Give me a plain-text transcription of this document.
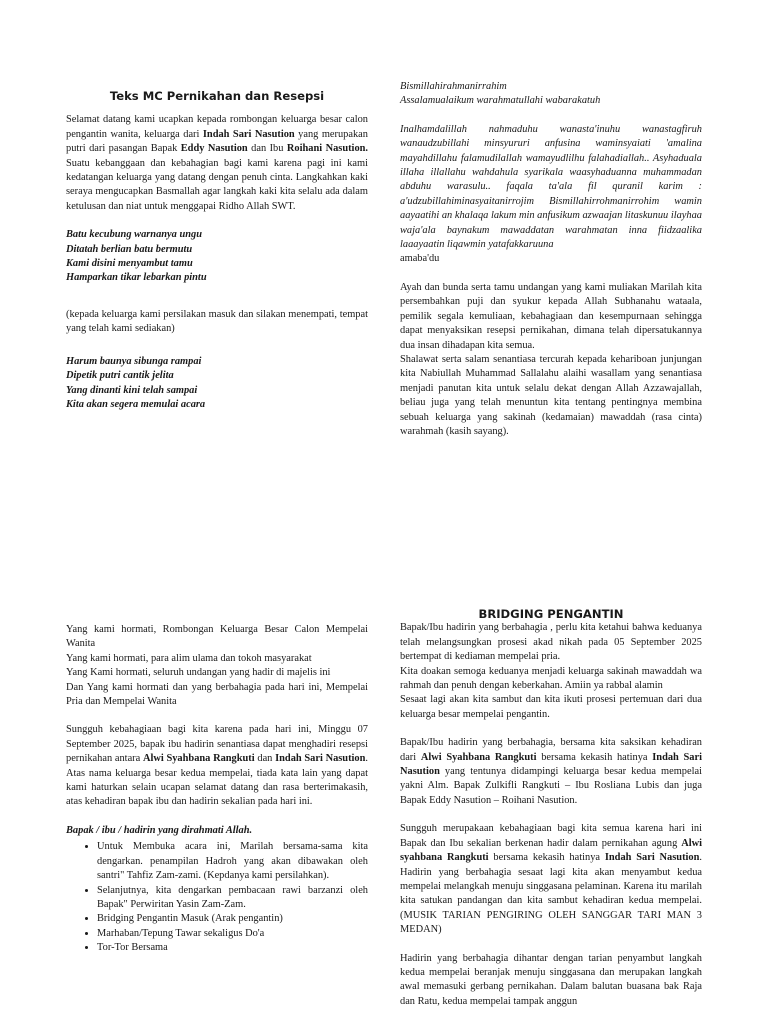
Teks MC Pernikahan dan Resepsi

Selamat datang kami ucapkan kepada rombongan keluarga besar calon pengantin wanita, keluarga dari Indah Sari Nasution yang merupakan putri dari pasangan Bapak Eddy Nasution dan Ibu Roihani Nasution. Suatu kebanggaan dan kebahagian bagi kami karena pagi ini kami kedatangan keluarga yang datang dengan penuh cinta. Langkahkan kaki seraya mengucapkan Basmallah agar langkah kaki kita selalu ada dalam ketulusan dan niat untuk menggapai Ridho Allah SWT.

Batu kecubung warnanya ungu

Ditatah berlian batu bermutu

Kami disini menyambut tamu

Hamparkan tikar lebarkan pintu

(kepada keluarga kami persilakan masuk dan silakan menempati, tempat yang telah kami sediakan)

Harum baunya sibunga rampai

Dipetik putri cantik jelita

Yang dinanti kini telah sampai

Kita akan segera memulai acara

Bismillahirahmanirrahim

Assalamualaikum warahmatullahi wabarakatuh

Inalhamdalillah nahmaduhu wanasta'inuhu wanastagfiruh wanaudzubillahi minsyururi anfusina waminsyaiati 'amalina mayahdillahu falamudilallah wamayudlilhu falahadiallah.. Asyhaduala illaha illallahu wahdahula syarikala waasyhaduanna muhammadan abduhu warasulu.. faqala ta'ala fil quranil karim : a'udzubillahiminasyaitanirrojim Bismillahirrohmanirrohim wamin aayaatihi an khalaqa lakum min anfusikum azwaajan litaskunuu ilayhaa waja'ala baynakum mawaddatan warahmatan inna fiidzaalika laaayaatin liqawmin yatafakkaruuna

amaba'du

Ayah dan bunda serta tamu undangan yang kami muliakan Marilah kita persembahkan puji dan syukur kepada Allah Subhanahu wataala, pemilik segala kemuliaan, kebahagiaan dan kesempurnaan sehingga dapat menyaksikan resepsi pernikahan, dimana telah dipersatukannya dua insan dihadapan kita semua.

Shalawat serta salam senantiasa tercurah kepada kehariboan junjungan kita Nabiullah Muhammad Sallalahu alaihi wasallam yang senantiasa menjadi panutan kita untuk selalu dekat dengan Allah Azzawajallah, beliau juga yang telah menuntun kita tentang pentingnya membina sebuah keluarga yang sakinah (kedamaian) mawaddah (rasa cinta) warahmah (kasih sayang).

Yang kami hormati, Rombongan Keluarga Besar Calon Mempelai Wanita

Yang kami hormati, para alim ulama dan tokoh masyarakat

Yang Kami hormati, seluruh undangan yang hadir di majelis ini

Dan Yang kami hormati dan yang berbahagia pada hari ini, Mempelai Pria dan Mempelai Wanita

Sungguh kebahagiaan bagi kita karena pada hari ini, Minggu 07 September 2025, bapak ibu hadirin senantiasa dapat menghadiri resepsi pernikahan antara Alwi Syahbana Rangkuti dan Indah Sari Nasution. Atas nama keluarga besar kedua mempelai, tiada kata lain yang dapat kami haturkan selain ucapan selamat datang dan rasa berterimakasih, atas kehadiran bapak ibu dan hadirin sekalian pada hari ini.

Bapak / ibu / hadirin yang dirahmati Allah.

• Untuk Membuka acara ini, Marilah bersama-sama kita dengarkan. penampilan Hadroh yang akan dibawakan oleh santri" Tahfiz Zam-zami. (Kepdanya kami persilahkan).
• Selanjutnya, kita dengarkan pembacaan rawi barzanzi oleh Bapak" Perwiritan Yasin Zam-Zam.
• Bridging Pengantin Masuk (Arak pengantin)
• Marhaban/Tepung Tawar sekaligus Do'a
• Tor-Tor Bersama

BRIDGING PENGANTIN

Bapak/Ibu hadirin yang berbahagia , perlu kita ketahui bahwa keduanya telah melangsungkan prosesi akad nikah pada 05 September 2025 bertempat di kediaman mempelai pria.

Kita doakan semoga keduanya menjadi keluarga sakinah mawaddah wa rahmah dan penuh dengan keberkahan. Amiin ya rabbal alamin

Sesaat lagi akan kita sambut dan kita ikuti prosesi pertemuan dari dua keluarga besar mempelai pengantin.

Bapak/Ibu hadirin yang berbahagia, bersama kita saksikan kehadiran dari Alwi Syahbana Rangkuti bersama kekasih hatinya Indah Sari Nasution yang tentunya didampingi keluarga besar kedua mempelai yakni Alm. Bapak Zulkifli Rangkuti – Ibu Rosliana Lubis dan juga Bapak Eddy Nasution – Roihani Nasution.

Sungguh merupakaan kebahagiaan bagi kita semua karena hari ini Bapak dan Ibu sekalian berkenan hadir dalam pernikahan agung Alwi syahbana Rangkuti bersama kekasih hatinya Indah Sari Nasution. Hadirin yang berbahagia sesaat lagi kita akan menyambut kedua mempelai melangkah menuju singgasana pelaminan. Karena itu marilah kita satukan pandangan dan kita sambut kehadiran kedua mempelai. (MUSIK TARIAN PENGIRING OLEH SANGGAR TARI MAN 3 MEDAN)

Hadirin yang berbahagia dihantar dengan tarian penyambut langkah kedua mempelai beranjak menuju singgasana dan merupakan langkah awal memasuki gerbang pernikahan. Dalam balutan buasana bak Raja dan Ratu, kedua mempelai tampak anggun
